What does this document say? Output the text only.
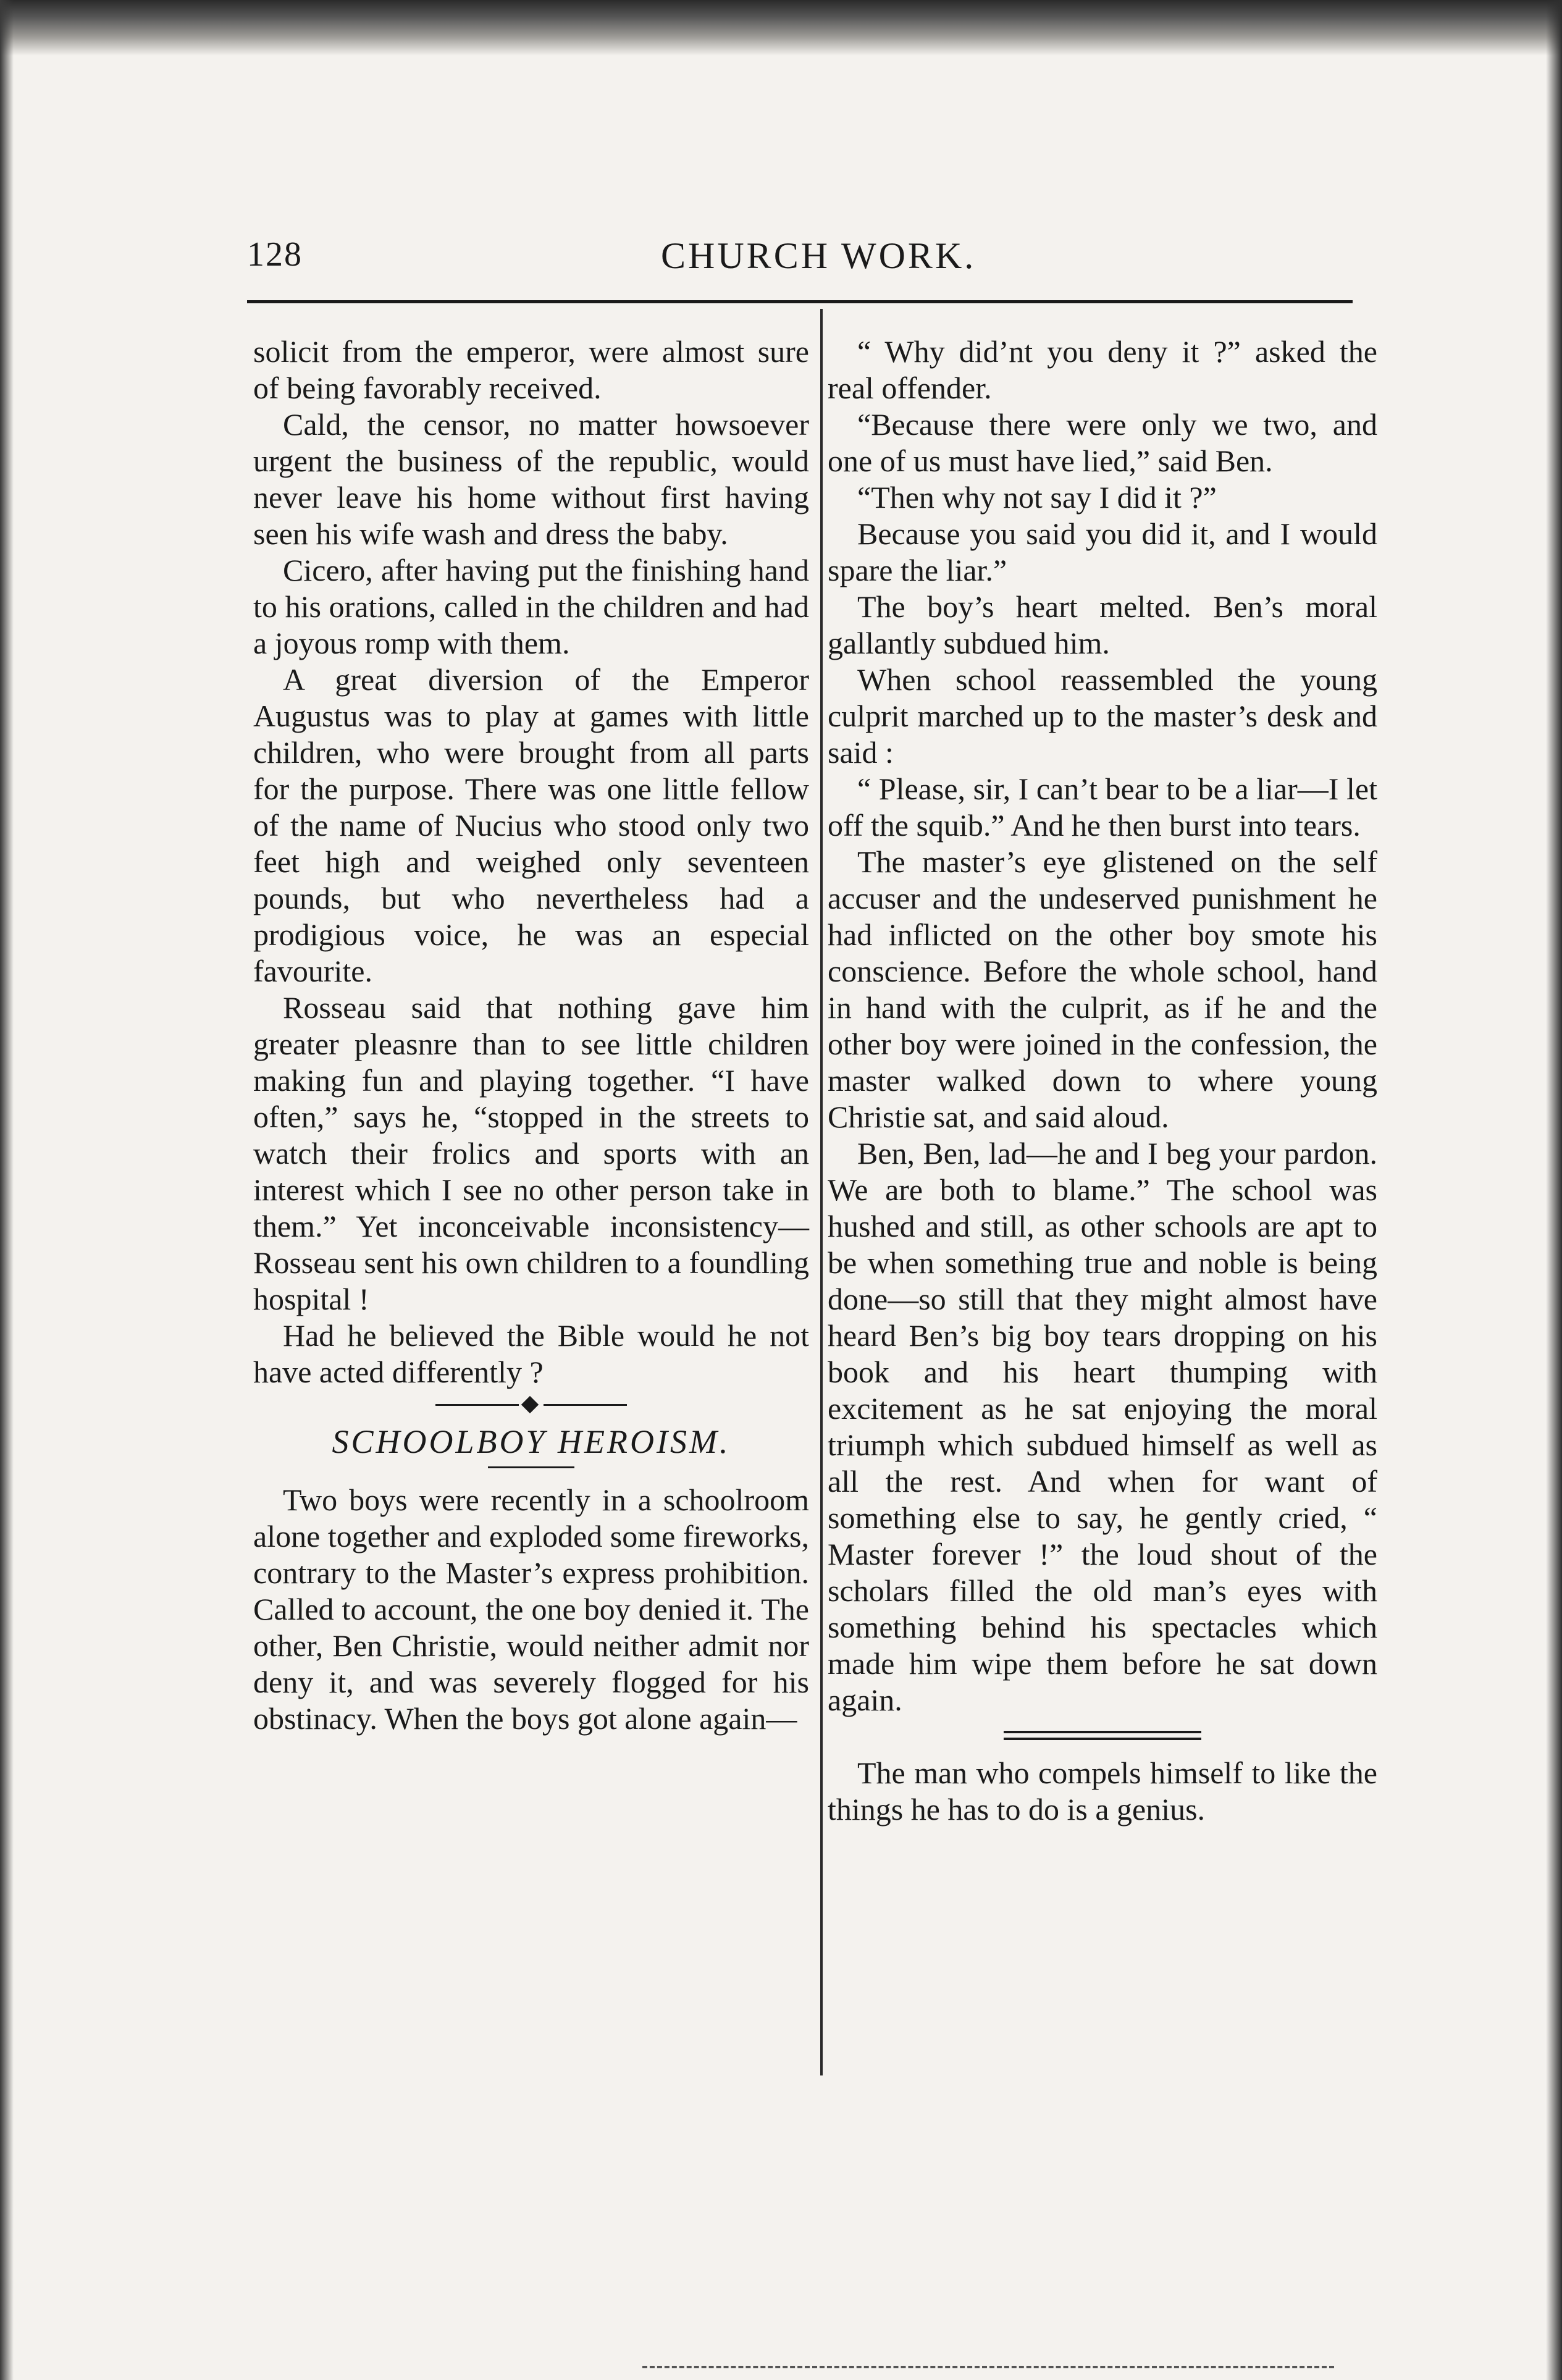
128	CHURCH WORK.

solicit from the emperor, were almost sure of being favorably received.

Cald, the censor, no matter howsoever urgent the business of the republic, would never leave his home without first having seen his wife wash and dress the baby.

Cicero, after having put the finishing hand to his orations, called in the children and had a joyous romp with them.

A great diversion of the Emperor Augustus was to play at games with little children, who were brought from all parts for the purpose. There was one little fellow of the name of Nucius who stood only two feet high and weighed only seventeen pounds, but who nevertheless had a prodigious voice, he was an especial favourite.

Rosseau said that nothing gave him greater pleasnre than to see little children making fun and playing together. “I have often,” says he, “stopped in the streets to watch their frolics and sports with an interest which I see no other person take in them.” Yet inconceivable inconsistency—Rosseau sent his own children to a foundling hospital !

Had he believed the Bible would he not have acted differently ?

SCHOOLBOY HEROISM.

Two boys were recently in a schoolroom alone together and exploded some fireworks, contrary to the Master’s express prohibition. Called to account, the one boy denied it. The other, Ben Christie, would neither admit nor deny it, and was severely flogged for his obstinacy. When the boys got alone again—

“ Why did’nt you deny it ?” asked the real offender.

“Because there were only we two, and one of us must have lied,” said Ben.

“Then why not say I did it ?”

Because you said you did it, and I would spare the liar.”

The boy’s heart melted. Ben’s moral gallantly subdued him.

When school reassembled the young culprit marched up to the master’s desk and said :

“ Please, sir, I can’t bear to be a liar—I let off the squib.” And he then burst into tears.

The master’s eye glistened on the self accuser and the undeserved punishment he had inflicted on the other boy smote his conscience. Before the whole school, hand in hand with the culprit, as if he and the other boy were joined in the confession, the master walked down to where young Christie sat, and said aloud.

Ben, Ben, lad—he and I beg your pardon. We are both to blame.” The school was hushed and still, as other schools are apt to be when something true and noble is being done—so still that they might almost have heard Ben’s big boy tears dropping on his book and his heart thumping with excitement as he sat enjoying the moral triumph which subdued himself as well as all the rest. And when for want of something else to say, he gently cried, “ Master forever !” the loud shout of the scholars filled the old man’s eyes with something behind his spectacles which made him wipe them before he sat down again.

The man who compels himself to like the things he has to do is a genius.
